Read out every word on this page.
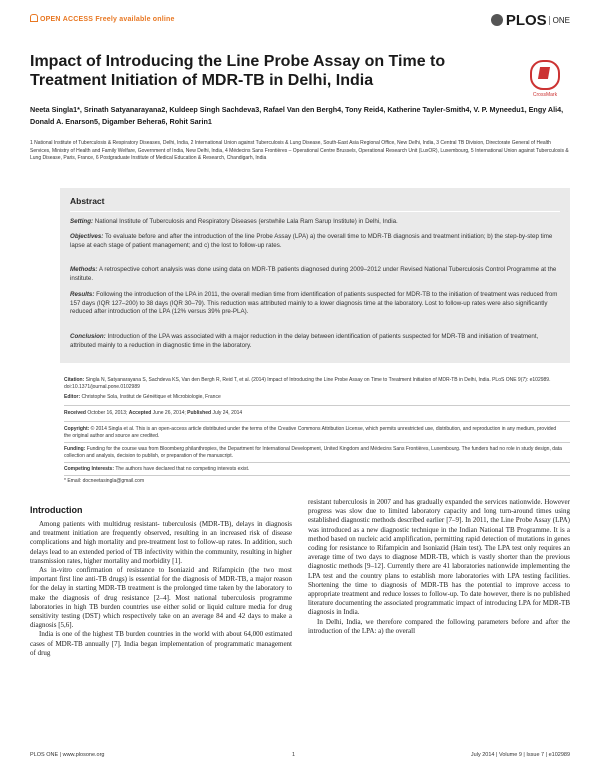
OPEN ACCESS Freely available online	PLOS ONE
Impact of Introducing the Line Probe Assay on Time to Treatment Initiation of MDR-TB in Delhi, India
CrossMark
Neeta Singla1*, Srinath Satyanarayana2, Kuldeep Singh Sachdeva3, Rafael Van den Bergh4, Tony Reid4, Katherine Tayler-Smith4, V. P. Myneedu1, Engy Ali4, Donald A. Enarson5, Digamber Behera6, Rohit Sarin1
1 National Institute of Tuberculosis & Respiratory Diseases, Delhi, India, 2 International Union against Tuberculosis & Lung Disease, South-East Asia Regional Office, New Delhi, India, 3 Central TB Division, Directorate General of Health Services, Ministry of Health and Family Welfare, Government of India, New Delhi, India, 4 Médecins Sans Frontières – Operational Centre Brussels, Operational Research Unit (LuxOR), Luxembourg, 5 International Union against Tuberculosis & Lung Disease, Paris, France, 6 Postgraduate Institute of Medical Education & Research, Chandigarh, India
Abstract
Setting: National Institute of Tuberculosis and Respiratory Diseases (erstwhile Lala Ram Sarup Institute) in Delhi, India.
Objectives: To evaluate before and after the introduction of the line Probe Assay (LPA) a) the overall time to MDR-TB diagnosis and treatment initiation; b) the step-by-step time lapse at each stage of patient management; and c) the lost to follow-up rates.
Methods: A retrospective cohort analysis was done using data on MDR-TB patients diagnosed during 2009–2012 under Revised National Tuberculosis Control Programme at the institute.
Results: Following the introduction of the LPA in 2011, the overall median time from identification of patients suspected for MDR-TB to the initiation of treatment was reduced from 157 days (IQR 127–200) to 38 days (IQR 30–79). This reduction was attributed mainly to a lower diagnosis time at the laboratory. Lost to follow-up rates were also significantly reduced after introduction of the LPA (12% versus 39% pre-PLA).
Conclusion: Introduction of the LPA was associated with a major reduction in the delay between identification of patients suspected for MDR-TB and initiation of treatment, attributed mainly to a reduction in diagnostic time in the laboratory.
Citation: Singla N, Satyanarayana S, Sachdeva KS, Van den Bergh R, Reid T, et al. (2014) Impact of Introducing the Line Probe Assay on Time to Treatment Initiation of MDR-TB in Delhi, India. PLoS ONE 9(7): e102989. doi:10.1371/journal.pone.0102989
Editor: Christophe Sola, Institut de Génétique et Microbiologie, France
Received October 16, 2013; Accepted June 26, 2014; Published July 24, 2014
Copyright: © 2014 Singla et al. This is an open-access article distributed under the terms of the Creative Commons Attribution License, which permits unrestricted use, distribution, and reproduction in any medium, provided the original author and source are credited.
Funding: Funding for the course was from Bloomberg philanthropies, the Department for International Development, United Kingdom and Médecins Sans Frontières, Luxembourg. The funders had no role in study design, data collection and analysis, decision to publish, or preparation of the manuscript.
Competing Interests: The authors have declared that no competing interests exist.
* Email: docneetasingla@gmail.com
Introduction

Among patients with multidrug resistant- tuberculosis (MDR-TB), delays in diagnosis and treatment initiation are frequently observed, resulting in an increased risk of disease complications and high mortality and pre-treatment lost to follow-up rates. In addition, such delays lead to an extended period of TB infectivity within the community, resulting in higher transmission rates, higher mortality and morbidity [1].

As in-vitro confirmation of resistance to Isoniazid and Rifampicin (the two most important first line anti-TB drugs) is essential for the diagnosis of MDR-TB, a major reason for the delay in starting MDR-TB treatment is the prolonged time taken by the laboratory to make the diagnosis of drug resistance [2–4]. Most national tuberculosis programme laboratories in high TB burden countries use either solid or liquid culture media for drug sensitivity testing (DST) which respectively take on an average 84 and 42 days to make a diagnosis [5,6].

India is one of the highest TB burden countries in the world with about 64,000 estimated cases of MDR-TB annually [7]. India began implementation of programmatic management of drug

resistant tuberculosis in 2007 and has gradually expanded the services nationwide. However progress was slow due to limited laboratory capacity and long turn-around times using established diagnostic methods described earlier [7–9]. In 2011, the Line Probe Assay (LPA) was introduced as a new diagnostic technique in the Indian National TB Programme. It is a method based on nucleic acid amplification, permitting rapid detection of mutations in genes coding for resistance to Rifampicin and Isoniazid (Hain test). The LPA test only requires an average time of two days to diagnose MDR-TB, which is vastly shorter than the previous diagnostic methods [9–12]. Currently there are 41 laboratories nationwide implementing the LPA test and the country plans to establish more laboratories with LPA testing facilities. Shortening the time to diagnosis of MDR-TB has the potential to improve access to appropriate treatment and reduce losses to follow-up. To date however, there is no published literature documenting the associated programmatic impact of introducing LPA for MDR-TB diagnosis in India.

In Delhi, India, we therefore compared the following parameters before and after the introduction of the LPA: a) the overall

PLOS ONE | www.plosone.org	1	July 2014 | Volume 9 | Issue 7 | e102989
